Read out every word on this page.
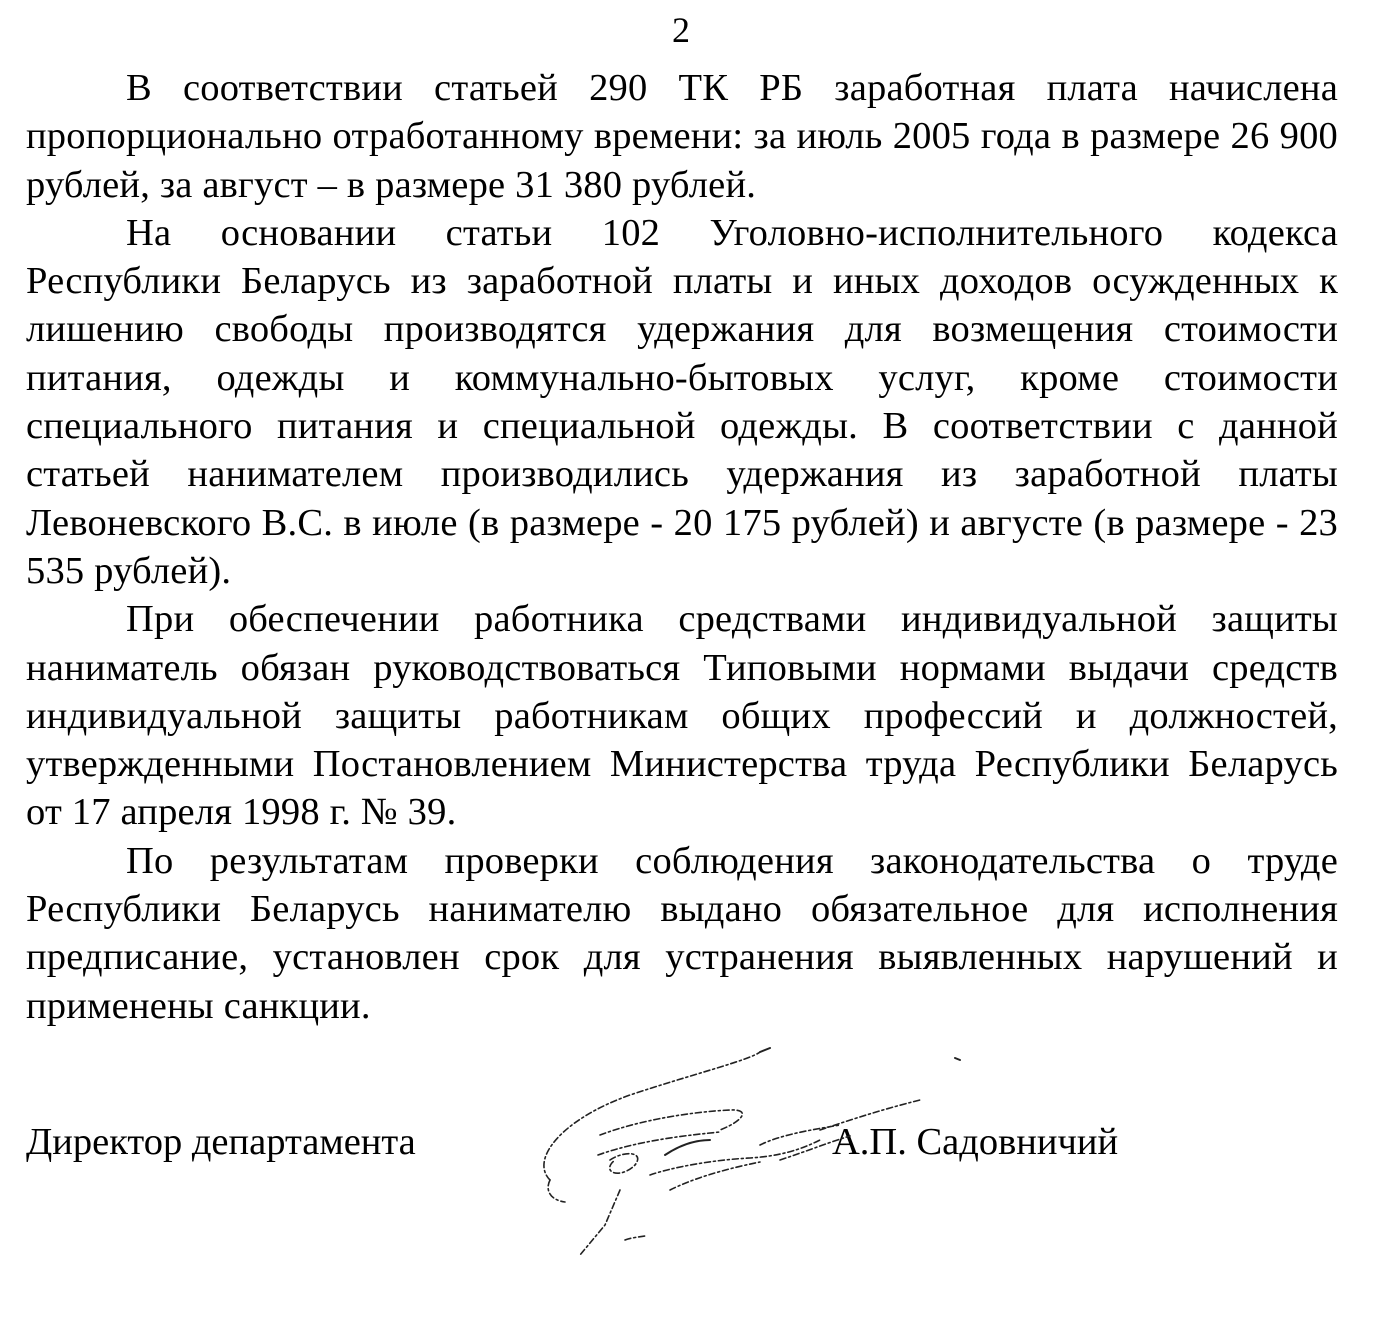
2

В соответствии статьей 290 ТК РБ заработная плата начислена пропорционально отработанному времени: за июль 2005 года в размере 26 900 рублей, за август – в размере 31 380 рублей.

На основании статьи 102 Уголовно-исполнительного кодекса Республики Беларусь из заработной платы и иных доходов осужденных к лишению свободы производятся удержания для возмещения стоимости питания, одежды и коммунально-бытовых услуг, кроме стоимости специального питания и специальной одежды. В соответствии с данной статьей нанимателем производились удержания из заработной платы Левоневского В.С. в июле (в размере - 20 175 рублей) и августе (в размере - 23 535 рублей).

При обеспечении работника средствами индивидуальной защиты наниматель обязан руководствоваться Типовыми нормами выдачи средств индивидуальной защиты работникам общих профессий и должностей, утвержденными Постановлением Министерства труда Республики Беларусь от 17 апреля 1998 г. № 39.

По результатам проверки соблюдения законодательства о труде Республики Беларусь нанимателю выдано обязательное для исполнения предписание, установлен срок для устранения выявленных нарушений и применены санкции.

Директор департамента	А.П. Садовничий
